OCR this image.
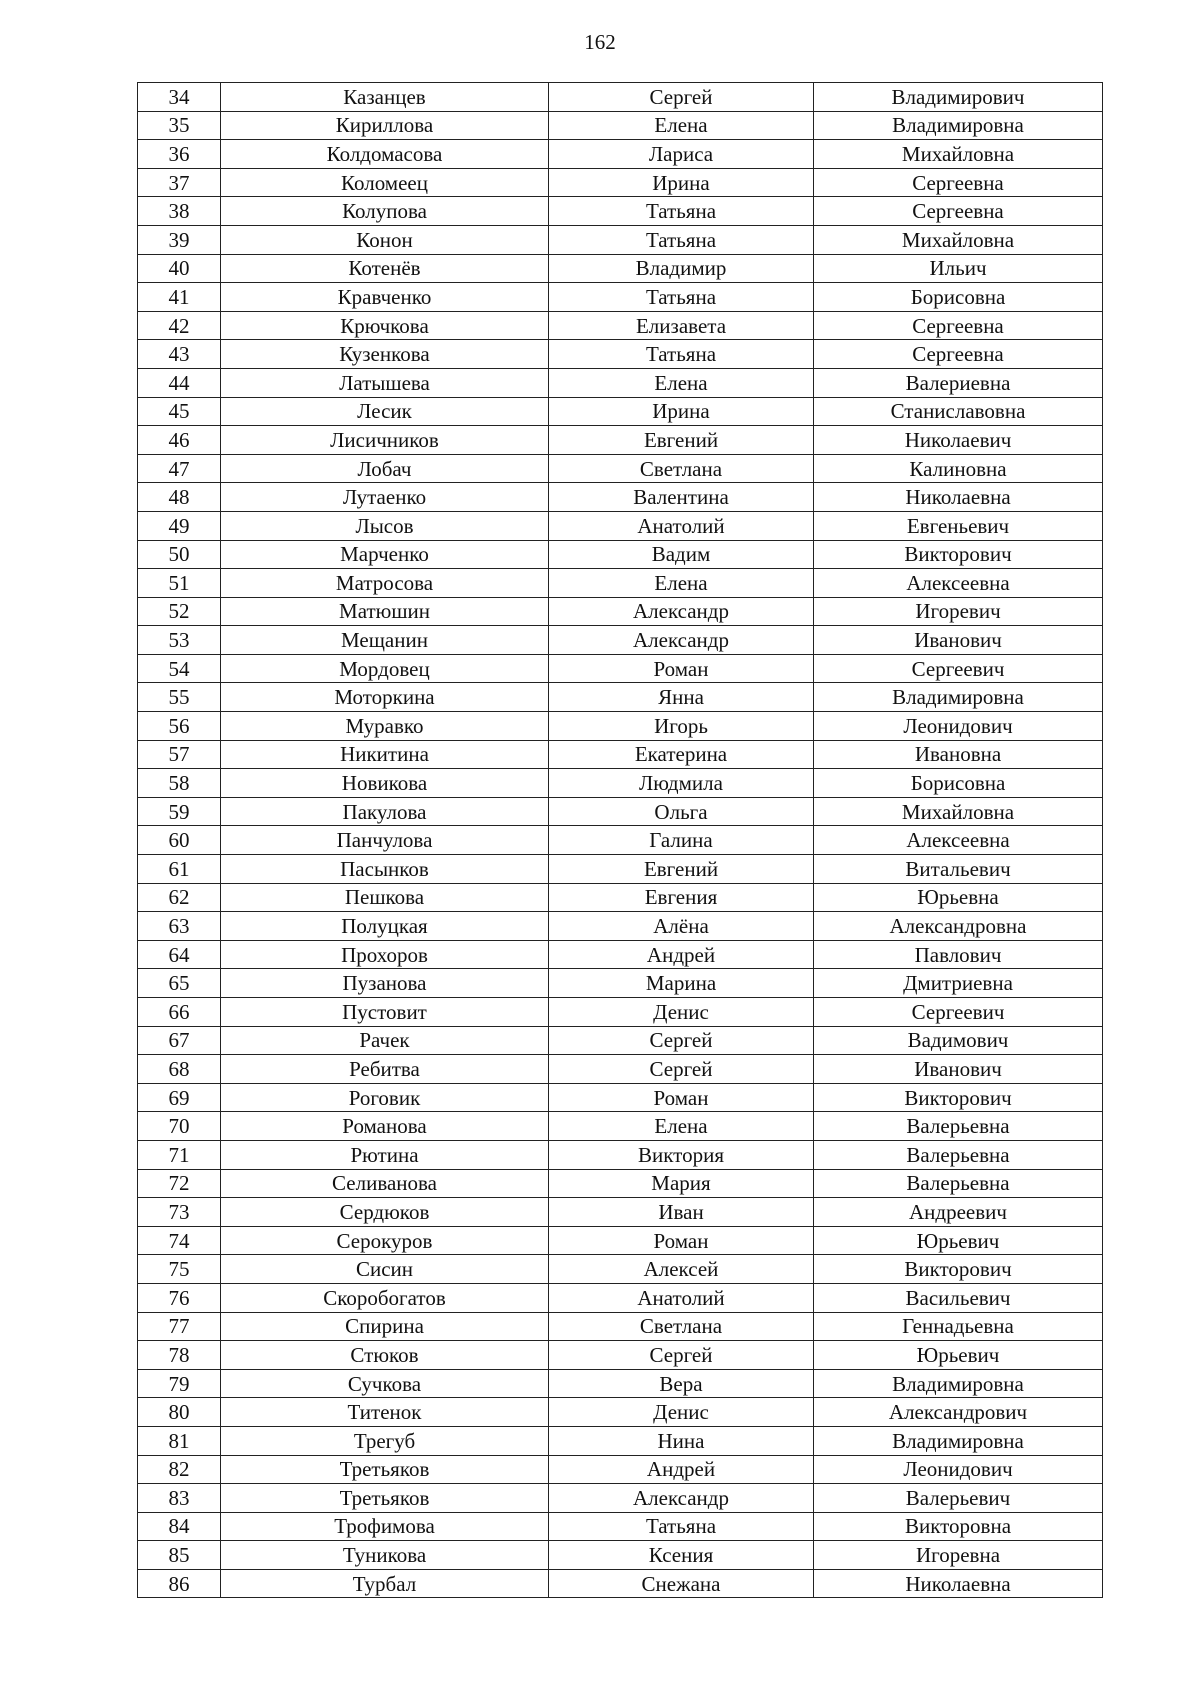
162
34	Казанцев	Сергей	Владимирович
35	Кириллова	Елена	Владимировна
36	Колдомасова	Лариса	Михайловна
37	Коломеец	Ирина	Сергеевна
38	Колупова	Татьяна	Сергеевна
39	Конон	Татьяна	Михайловна
40	Котенёв	Владимир	Ильич
41	Кравченко	Татьяна	Борисовна
42	Крючкова	Елизавета	Сергеевна
43	Кузенкова	Татьяна	Сергеевна
44	Латышева	Елена	Валериевна
45	Лесик	Ирина	Станиславовна
46	Лисичников	Евгений	Николаевич
47	Лобач	Светлана	Калиновна
48	Лутаенко	Валентина	Николаевна
49	Лысов	Анатолий	Евгеньевич
50	Марченко	Вадим	Викторович
51	Матросова	Елена	Алексеевна
52	Матюшин	Александр	Игоревич
53	Мещанин	Александр	Иванович
54	Мордовец	Роман	Сергеевич
55	Моторкина	Янна	Владимировна
56	Муравко	Игорь	Леонидович
57	Никитина	Екатерина	Ивановна
58	Новикова	Людмила	Борисовна
59	Пакулова	Ольга	Михайловна
60	Панчулова	Галина	Алексеевна
61	Пасынков	Евгений	Витальевич
62	Пешкова	Евгения	Юрьевна
63	Полуцкая	Алёна	Александровна
64	Прохоров	Андрей	Павлович
65	Пузанова	Марина	Дмитриевна
66	Пустовит	Денис	Сергеевич
67	Рачек	Сергей	Вадимович
68	Ребитва	Сергей	Иванович
69	Роговик	Роман	Викторович
70	Романова	Елена	Валерьевна
71	Рютина	Виктория	Валерьевна
72	Селиванова	Мария	Валерьевна
73	Сердюков	Иван	Андреевич
74	Серокуров	Роман	Юрьевич
75	Сисин	Алексей	Викторович
76	Скоробогатов	Анатолий	Васильевич
77	Спирина	Светлана	Геннадьевна
78	Стюков	Сергей	Юрьевич
79	Сучкова	Вера	Владимировна
80	Титенок	Денис	Александрович
81	Трегуб	Нина	Владимировна
82	Третьяков	Андрей	Леонидович
83	Третьяков	Александр	Валерьевич
84	Трофимова	Татьяна	Викторовна
85	Туникова	Ксения	Игоревна
86	Турбал	Снежана	Николаевна
